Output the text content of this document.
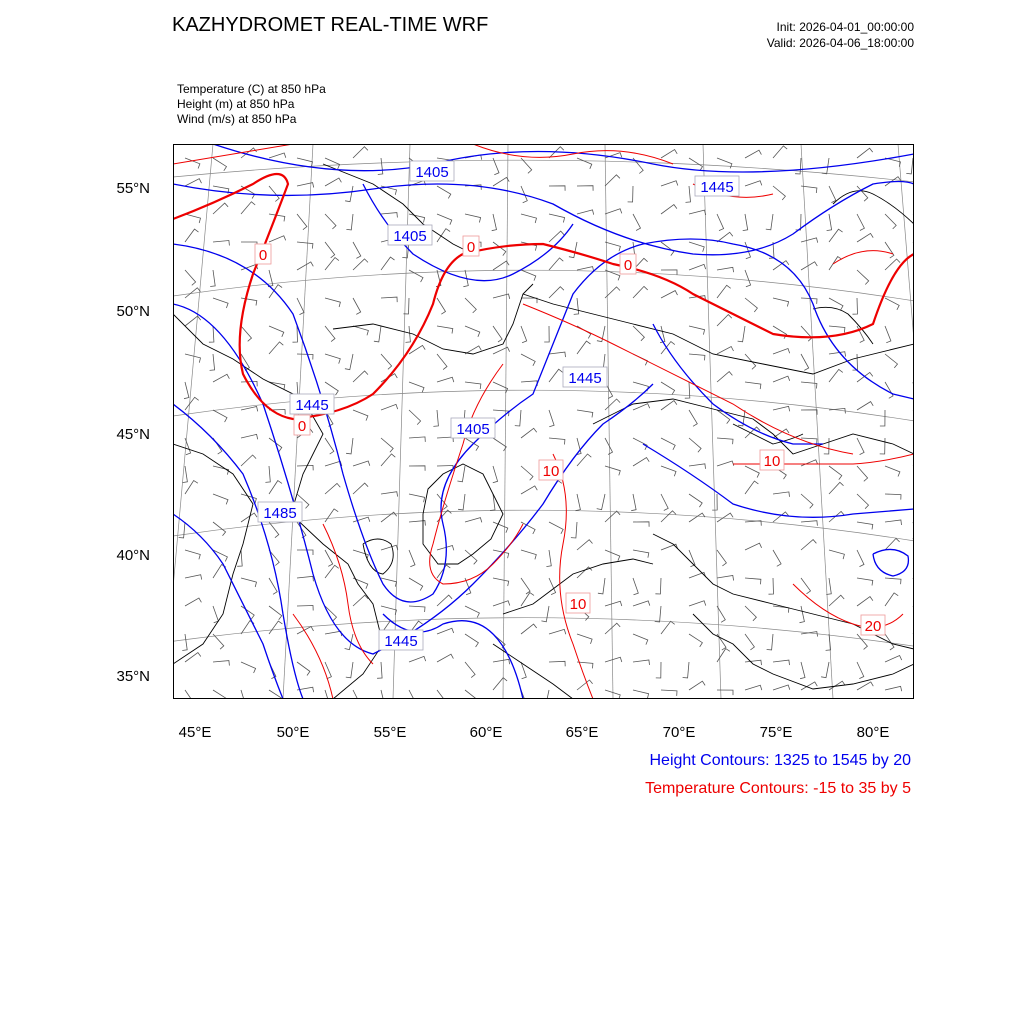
KAZHYDROMET REAL-TIME WRF	Init: 2026-04-01_00:00:00
Valid: 2026-04-06_18:00:00
Temperature (C) at 850 hPa
Height (m) at 850 hPa
Wind (m/s) at 850 hPa
55°N
50°N
45°N
40°N
35°N
45°E	50°E	55°E	60°E	65°E	70°E	75°E	80°E
Height Contours: 1325 to 1545 by 20
Temperature Contours: -15 to 35 by 5
1405
1445
1405
1445
1405
1445
1485
1445
0	0
0
0
10
10
10
20
